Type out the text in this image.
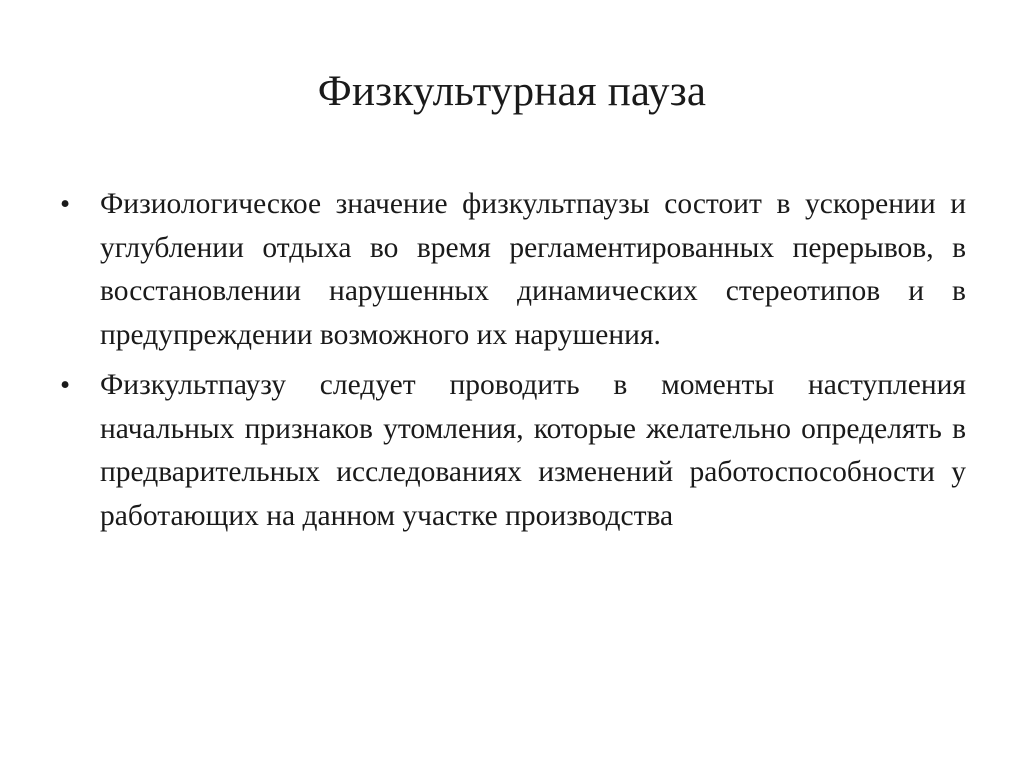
Физкультурная пауза
•	Физиологическое значение физкультпаузы состоит в ускорении и углублении отдыха во время регламентированных перерывов, в восстановлении нарушенных динамических стереотипов и в предупреждении возможного их нарушения.
•	Физкультпаузу следует проводить в моменты наступления начальных признаков утомления, которые желательно определять в предварительных исследованиях изменений работоспособности у работающих на данном участке производства
